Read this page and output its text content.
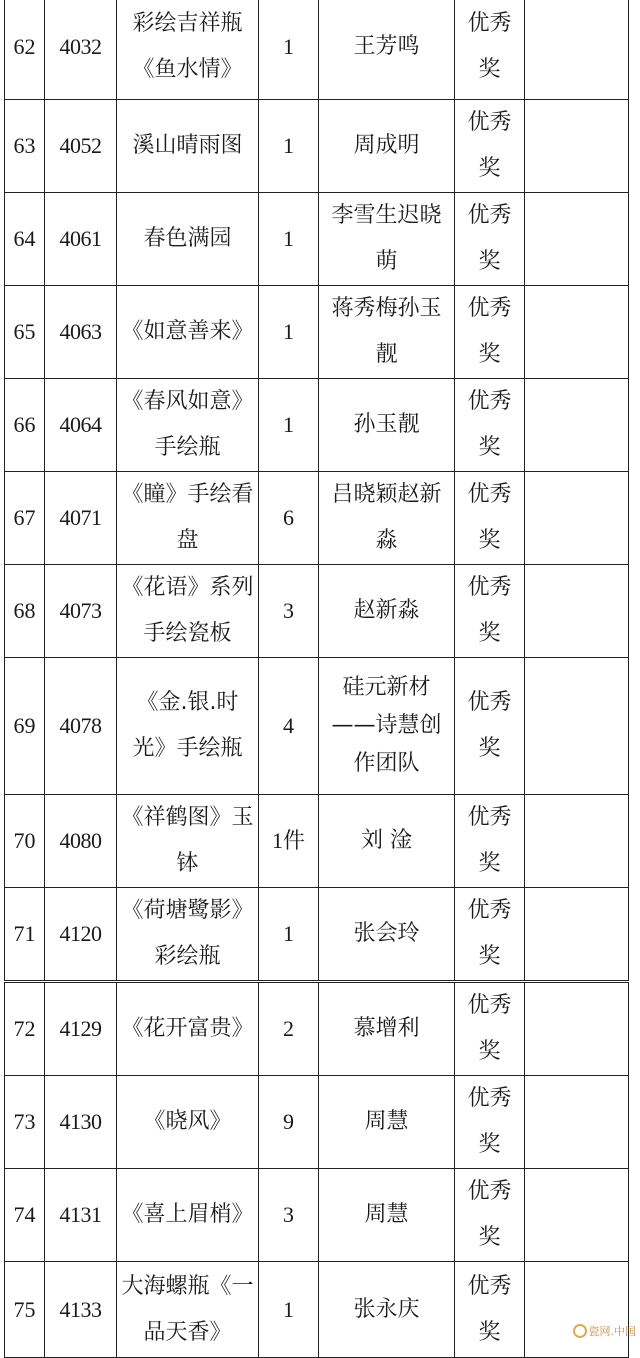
62	4032	彩绘吉祥瓶《鱼水情》	1	王芳鸣	优秀奖	
63	4052	溪山晴雨图	1	周成明	优秀奖	
64	4061	春色满园	1	李雪生迟晓萌	优秀奖	
65	4063	《如意善来》	1	蒋秀梅孙玉靓	优秀奖	
66	4064	《春风如意》手绘瓶	1	孙玉靓	优秀奖	
67	4071	《瞳》手绘看盘	6	吕晓颖赵新淼	优秀奖	
68	4073	《花语》系列手绘瓷板	3	赵新淼	优秀奖	
69	4078	《金.银.时光》手绘瓶	4	硅元新材——诗慧创作团队	优秀奖	
70	4080	《祥鹤图》玉钵	1件	刘 淦	优秀奖	
71	4120	《荷塘鹭影》彩绘瓶	1	张会玲	优秀奖	
72	4129	《花开富贵》	2	慕增利	优秀奖	
73	4130	《晓风》	9	周慧	优秀奖	
74	4131	《喜上眉梢》	3	周慧	优秀奖	
75	4133	大海螺瓶《一品天香》	1	张永庆	优秀奖		瓷网.中国
